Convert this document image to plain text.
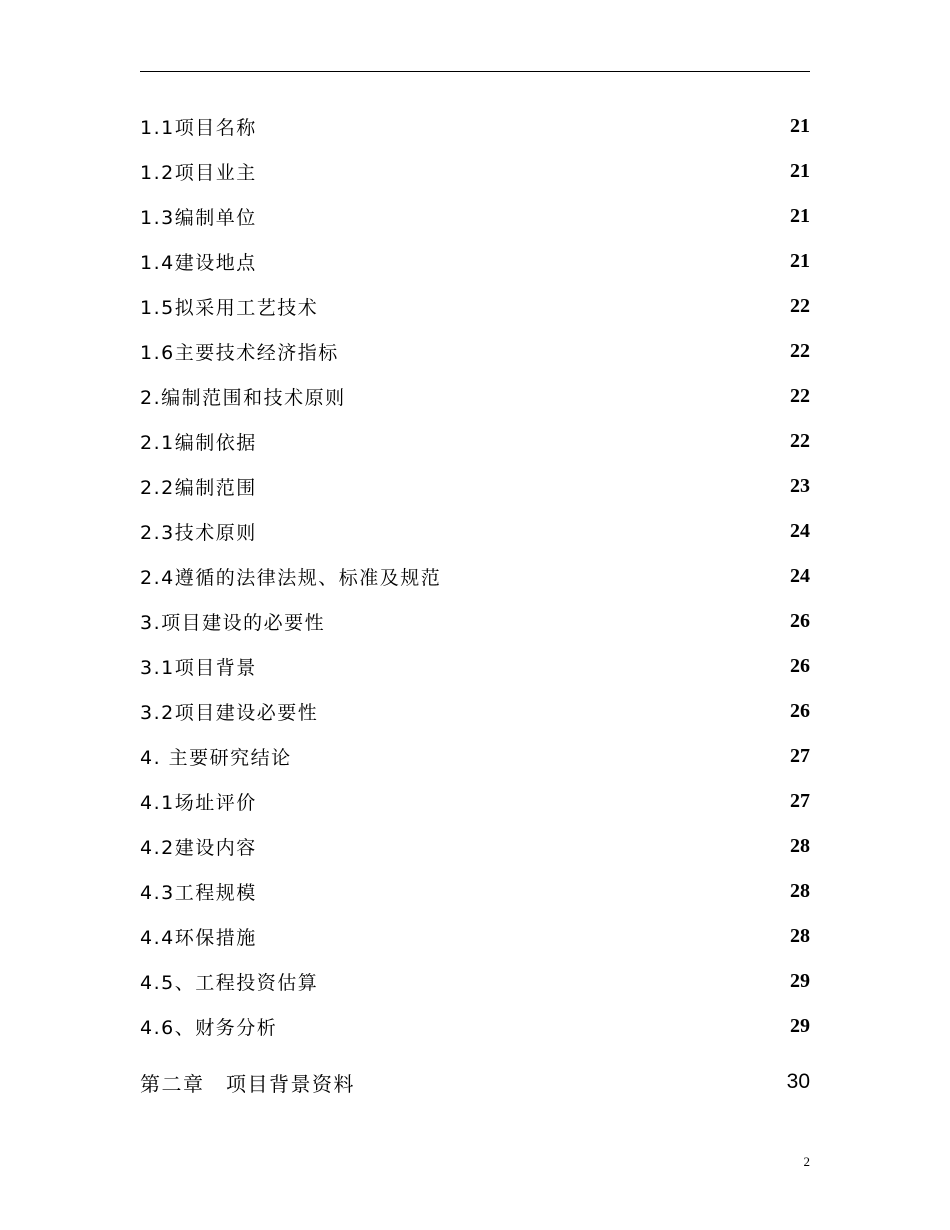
1.1项目名称	21
1.2项目业主	21
1.3编制单位	21
1.4建设地点	21
1.5拟采用工艺技术	22
1.6主要技术经济指标	22
2.编制范围和技术原则	22
2.1编制依据	22
2.2编制范围	23
2.3技术原则	24
2.4遵循的法律法规、标准及规范	24
3.项目建设的必要性	26
3.1项目背景	26
3.2项目建设必要性	26
4. 主要研究结论	27
4.1场址评价	27
4.2建设内容	28
4.3工程规模	28
4.4环保措施	28
4.5、工程投资估算	29
4.6、财务分析	29
第二章　项目背景资料	30
2
